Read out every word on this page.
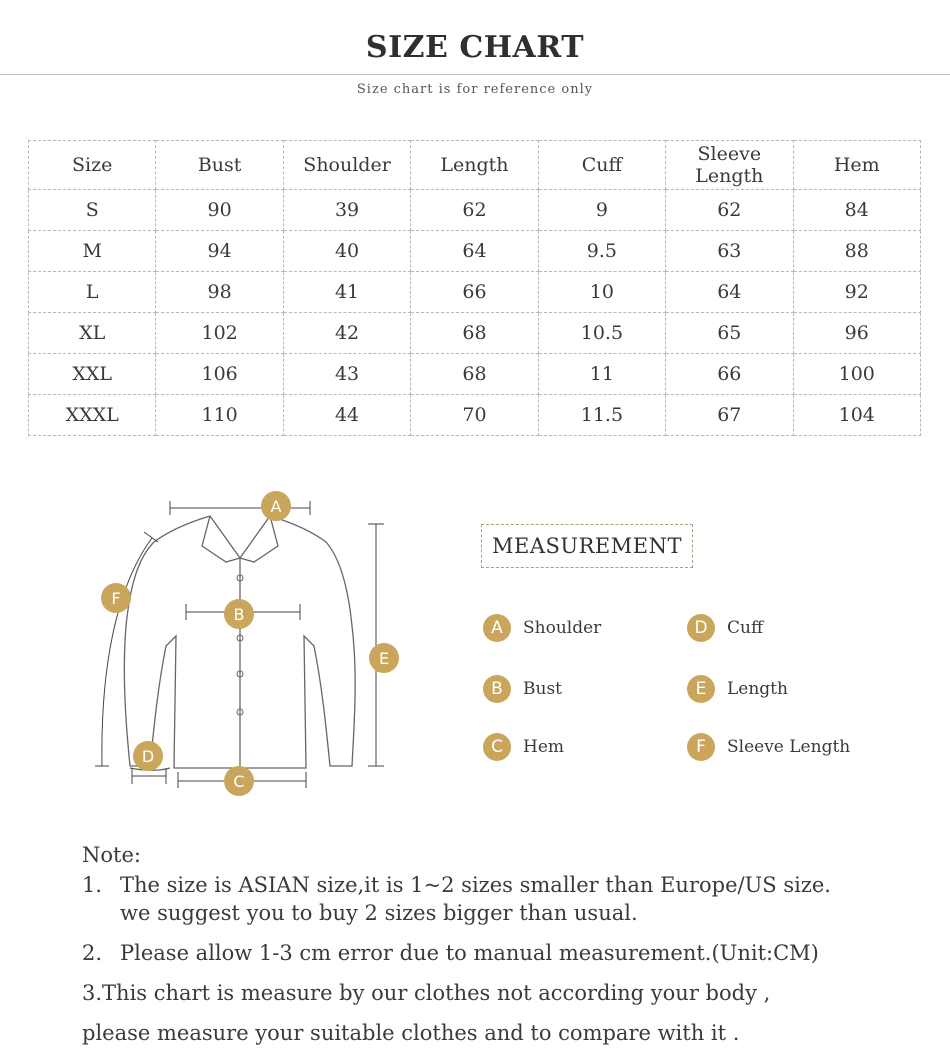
SIZE CHART
Size chart is for reference only
Size	Bust	Shoulder	Length	Cuff	Sleeve Length	Hem
S	90	39	62	9	62	84
M	94	40	64	9.5	63	88
L	98	41	66	10	64	92
XL	102	42	68	10.5	65	96
XXL	106	43	68	11	66	100
XXXL	110	44	70	11.5	67	104
A
B
C
D
E
F
MEASUREMENT
A	Shoulder	D	Cuff
B	Bust	E	Length
C	Hem	F	Sleeve Length
Note:
1. The size is ASIAN size,it is 1~2 sizes smaller than Europe/US size.
we suggest you to buy 2 sizes bigger than usual.
2. Please allow 1-3 cm error due to manual measurement.(Unit:CM)
3.This chart is measure by our clothes not according your body ,
please measure your suitable clothes and to compare with it .
